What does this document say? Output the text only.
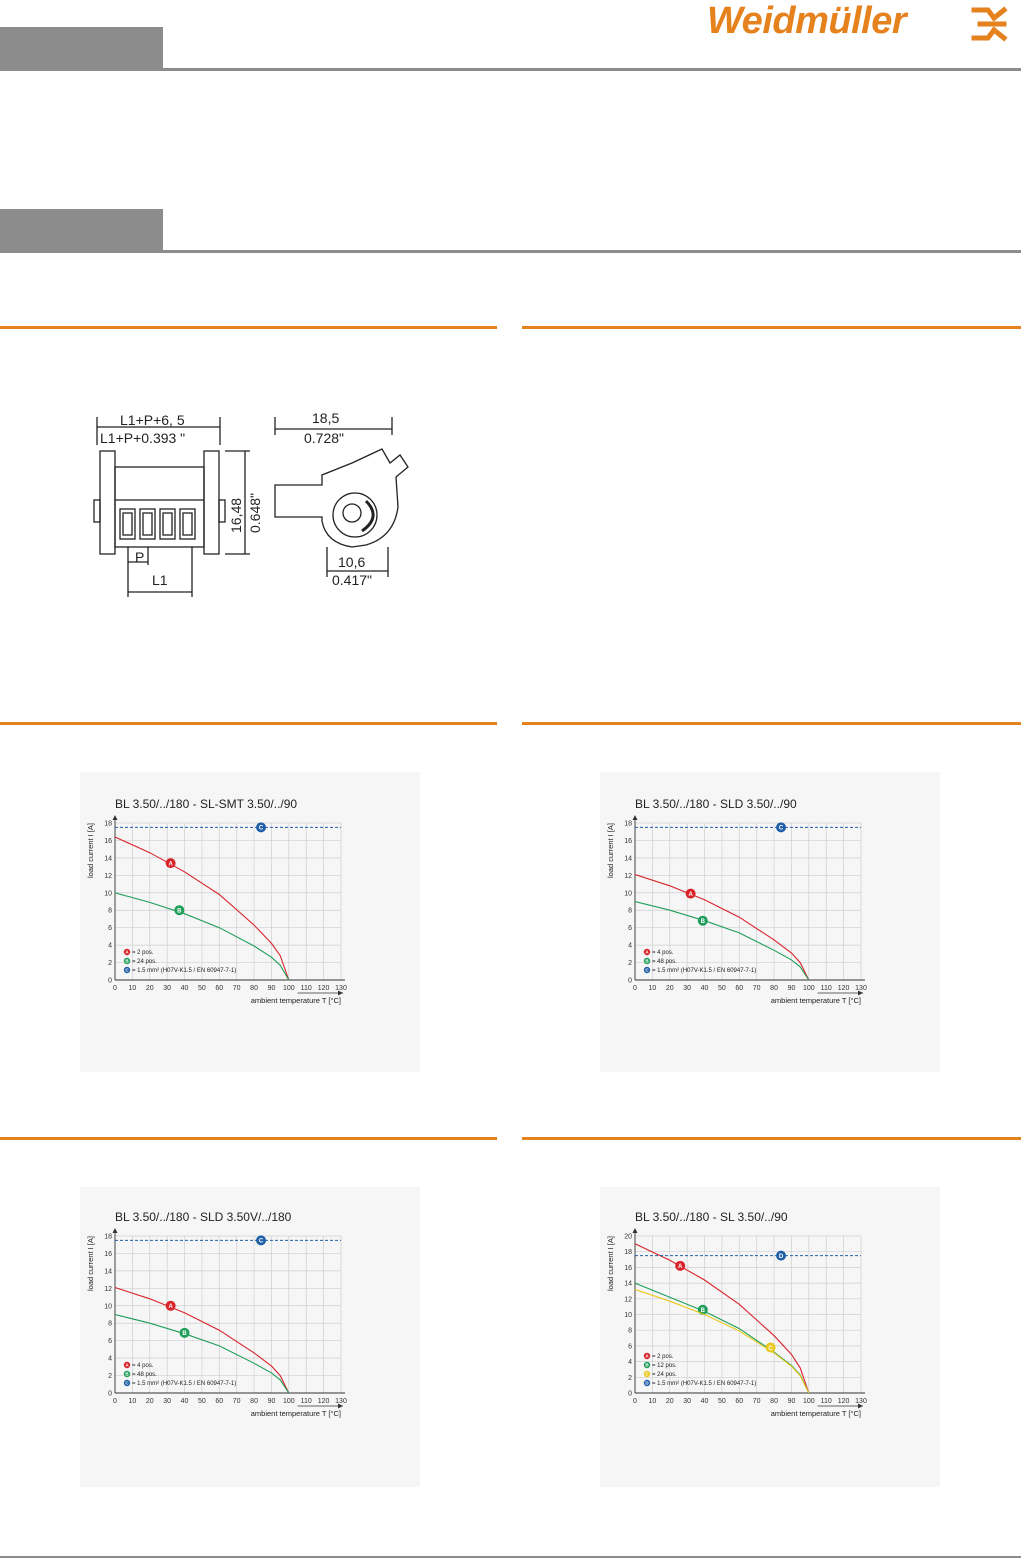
Weidmüller
L1+P+6, 5
L1+P+0.393 "
P
L1
18,5
0.728"
10,6
0.417"
16,48 0.648"
BL 3.50/../180 - SL-SMT 3.50/../90
0 10 20 30 40 50 60 70 80 90 100 110 120 130
0
2
4
6
8
10
12
14
16
18
ambient temperature T [°C]
load current I [A]	A
B
C
A = 2 pos.
B = 24 pos.
C = 1.5 mm² (H07V-K1.5 / EN 60947-7-1)
BL 3.50/../180 - SLD 3.50/../90
0 10 20 30 40 50 60 70 80 90 100 110 120 130
0
2
4
6
8
10
12
14
16
18
ambient temperature T [°C]
load current I [A]
A
B
C
A = 4 pos.
B = 48 pos.
C = 1.5 mm² (H07V-K1.5 / EN 60947-7-1)
BL 3.50/../180 - SLD 3.50V/../180
0 10 20 30 40 50 60 70 80 90 100 110 120 130
0
2
4
6
8
10
12
14
16
18
ambient temperature T [°C]
load current I [A]
A
B
C
A = 4 pos.
B = 48 pos.
C = 1.5 mm² (H07V-K1.5 / EN 60947-7-1)
BL 3.50/../180 - SL 3.50/../90
0 10 20 30 40 50 60 70 80 90 100 110 120 130
0
2
4
6
8
10
12
14
16
18
20
ambient temperature T [°C]
load current I [A]	A
B
C
D
A = 2 pos.
B = 12 pos.
C = 24 pos.
D = 1.5 mm² (H07V-K1.5 / EN 60947-7-1)
